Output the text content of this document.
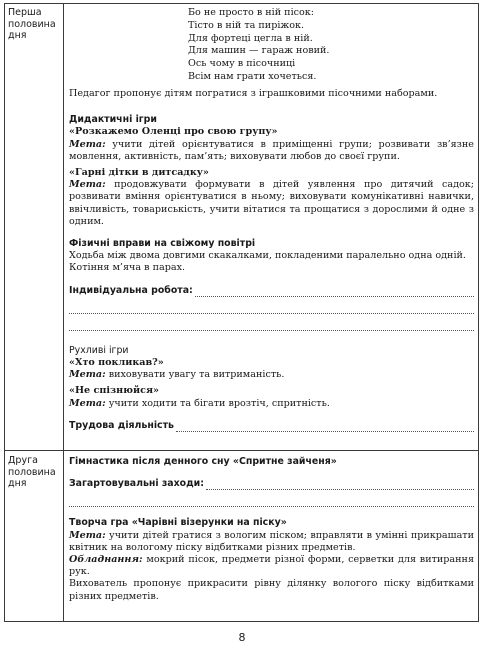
Перша
половина
дня
Друга
половина
дня
Бо не просто в ній пісок:
Тісто в ній та пиріжок.
Для фортеці цегла в ній.
Для машин — гараж новий.
Ось чому в пісочниці
Всім нам грати хочеться.
Педагог пропонує дітям погратися з іграшковими пісочними наборами.
Дидактичні ігри
«Розкажемо Оленці про свою групу»
Мета: учити дітей орієнтуватися в приміщенні групи; розвивати зв’язне мовлення, активність, пам’ять; виховувати любов до своєї групи.
«Гарні дітки в дитсадку»
Мета: продовжувати формувати в дітей уявлення про дитячий садок; розвивати вміння орієнтуватися в ньому; виховувати комунікативні навички, ввічливість, товариськість, учити вітатися та прощатися з дорослими й одне з одним.
Фізичні вправи на свіжому повітрі
Ходьба між двома довгими скакалками, покладеними паралельно одна одній. Котіння м’яча в парах.
Індивідуальна робота:
Рухливі ігри
«Хто покликав?»
Мета: виховувати увагу та витриманість.
«Не спізнюйся»
Мета: учити ходити та бігати врозтіч, спритність.
Трудова діяльність
Гімнастика після денного сну «Спритне зайченя»
Загартовувальні заходи:
Творча гра «Чарівні візерунки на піску»
Мета: учити дітей гратися з вологим піском; вправляти в умінні прикрашати квітник на вологому піску відбитками різних предметів.
Обладнання: мокрий пісок, предмети різної форми, серветки для витирання рук.
Вихователь пропонує прикрасити рівну ділянку вологого піску відбитками різних предметів.
8
